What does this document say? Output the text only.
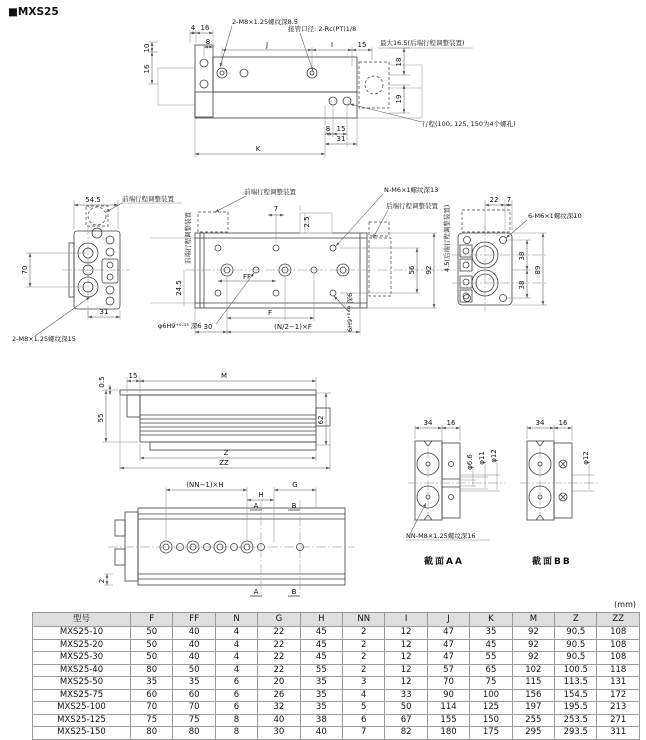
■MXS25
4 16
8	J	I	15
10
16
18
19
8 15
31
K
2-M8×1.25螺纹深8.5
接管口径: 2-Rc(PT)1/8
最大16.5(后端行程调整装置)
行程(100, 125, 150为4个螺孔)
54.5
70
31
前端行程调整装置
2-M8×1.25螺纹深15
7
2.5
56 92
FF
F
30	(N/2−1)×F
24.5
前端行程调整装置	4.5(后端行程调整装置)
前端行程调整装置	N-M6×1螺纹深13
后端行程调整装置
φ6H9⁺⁰·⁰³ 深6	6H9⁺⁰·⁰³ 深6
22 7
38
38
89
6-M6×1螺纹深10
0.5
15	M
55	62
Z
ZZ
(NN−1)×H	G
H
2
A	B
A	B
34 16
φ6.6 φ11 φ12
NN-M8×1.25螺纹深16
截面AA
34 16
φ12
截面BB
(mm)
型号	F	FF	N	G	H	NN	I	J	K	M	Z	ZZ
MXS25-10	50	40	4	22	45	2	12	47	35	92	90.5	108
MXS25-20	50	40	4	22	45	2	12	47	45	92	90.5	108
MXS25-30	50	40	4	22	45	2	12	47	55	92	90.5	108
MXS25-40	80	50	4	22	55	2	12	57	65	102	100.5	118
MXS25-50	35	35	6	20	35	3	12	70	75	115	113.5	131
MXS25-75	60	60	6	26	35	4	33	90	100	156	154.5	172
MXS25-100	70	70	6	32	35	5	50	114	125	197	195.5	213
MXS25-125	75	75	8	40	38	6	67	155	150	255	253.5	271
MXS25-150	80	80	8	30	40	7	82	180	175	295	293.5	311
